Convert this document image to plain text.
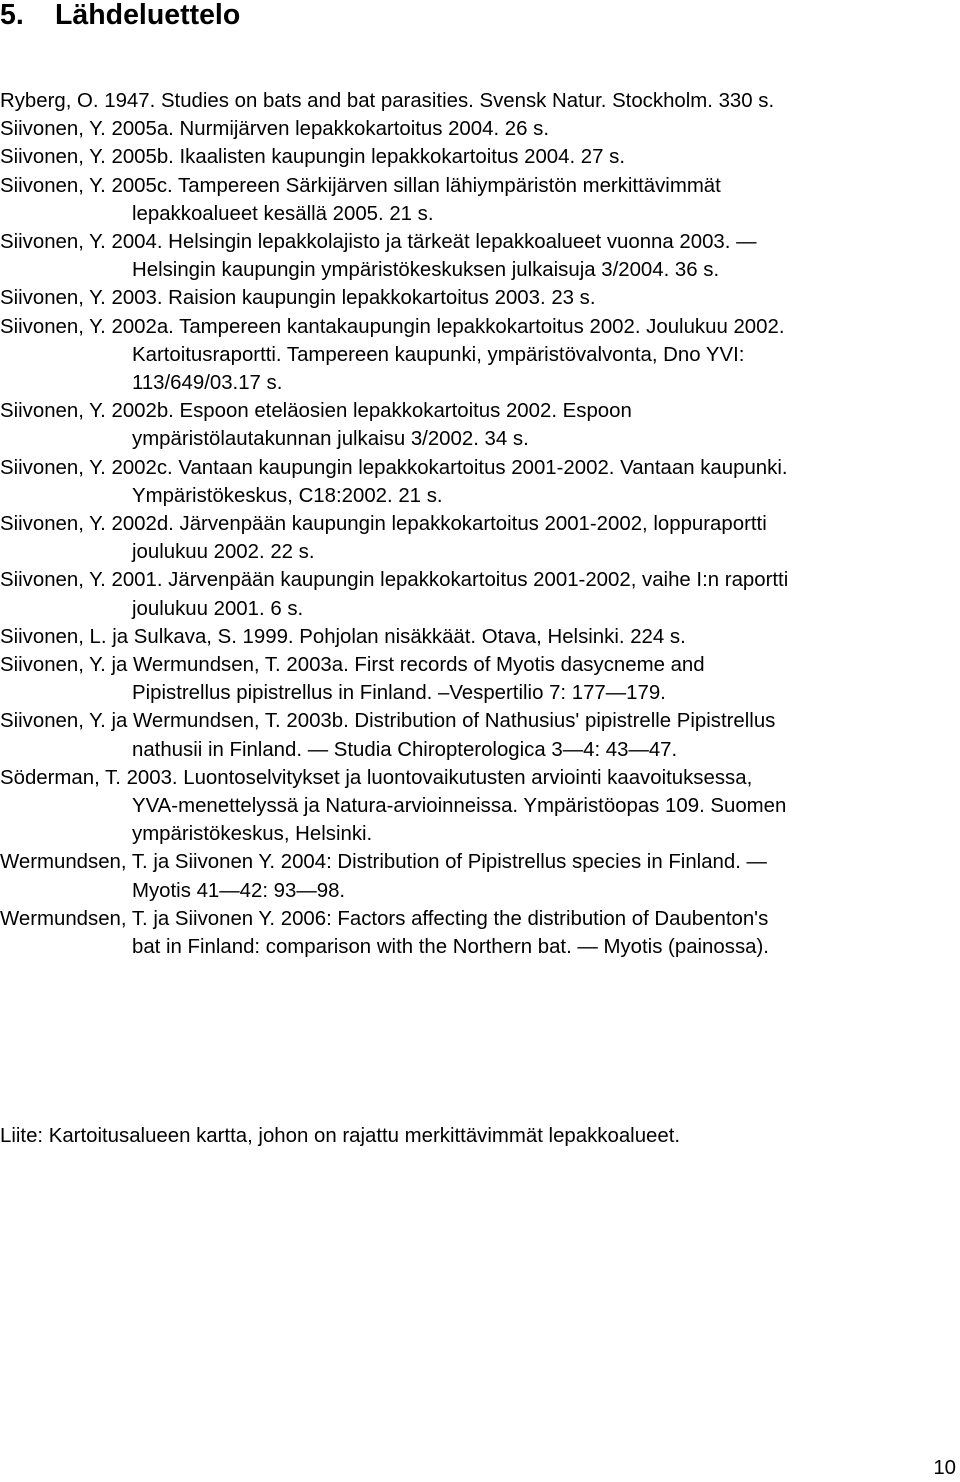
5. Lähdeluettelo
Ryberg, O. 1947. Studies on bats and bat parasities. Svensk Natur. Stockholm. 330 s.
Siivonen, Y. 2005a. Nurmijärven lepakkokartoitus 2004. 26 s.
Siivonen, Y. 2005b. Ikaalisten kaupungin lepakkokartoitus 2004. 27 s.
Siivonen, Y. 2005c. Tampereen Särkijärven sillan lähiympäristön merkittävimmät
lepakkoalueet kesällä 2005. 21 s.
Siivonen, Y. 2004. Helsingin lepakkolajisto ja tärkeät lepakkoalueet vuonna 2003. —
Helsingin kaupungin ympäristökeskuksen julkaisuja 3/2004. 36 s.
Siivonen, Y. 2003. Raision kaupungin lepakkokartoitus 2003. 23 s.
Siivonen, Y. 2002a. Tampereen kantakaupungin lepakkokartoitus 2002. Joulukuu 2002.
Kartoitusraportti. Tampereen kaupunki, ympäristövalvonta, Dno YVI:
113/649/03.17 s.
Siivonen, Y. 2002b. Espoon eteläosien lepakkokartoitus 2002. Espoon
ympäristölautakunnan julkaisu 3/2002. 34 s.
Siivonen, Y. 2002c. Vantaan kaupungin lepakkokartoitus 2001-2002. Vantaan kaupunki.
Ympäristökeskus, C18:2002. 21 s.
Siivonen, Y. 2002d. Järvenpään kaupungin lepakkokartoitus 2001-2002, loppuraportti
joulukuu 2002. 22 s.
Siivonen, Y. 2001. Järvenpään kaupungin lepakkokartoitus 2001-2002, vaihe I:n raportti
joulukuu 2001. 6 s.
Siivonen, L. ja Sulkava, S. 1999. Pohjolan nisäkkäät. Otava, Helsinki. 224 s.
Siivonen, Y. ja Wermundsen, T. 2003a. First records of Myotis dasycneme and
Pipistrellus pipistrellus in Finland. –Vespertilio 7: 177—179.
Siivonen, Y. ja Wermundsen, T. 2003b. Distribution of Nathusius' pipistrelle Pipistrellus
nathusii in Finland. — Studia Chiropterologica 3—4: 43—47.
Söderman, T. 2003. Luontoselvitykset ja luontovaikutusten arviointi kaavoituksessa,
YVA-menettelyssä ja Natura-arvioinneissa. Ympäristöopas 109. Suomen
ympäristökeskus, Helsinki.
Wermundsen, T. ja Siivonen Y. 2004: Distribution of Pipistrellus species in Finland. —
Myotis 41—42: 93—98.
Wermundsen, T. ja Siivonen Y. 2006: Factors affecting the distribution of Daubenton's
bat in Finland: comparison with the Northern bat. — Myotis (painossa).
Liite: Kartoitusalueen kartta, johon on rajattu merkittävimmät lepakkoalueet.
10
